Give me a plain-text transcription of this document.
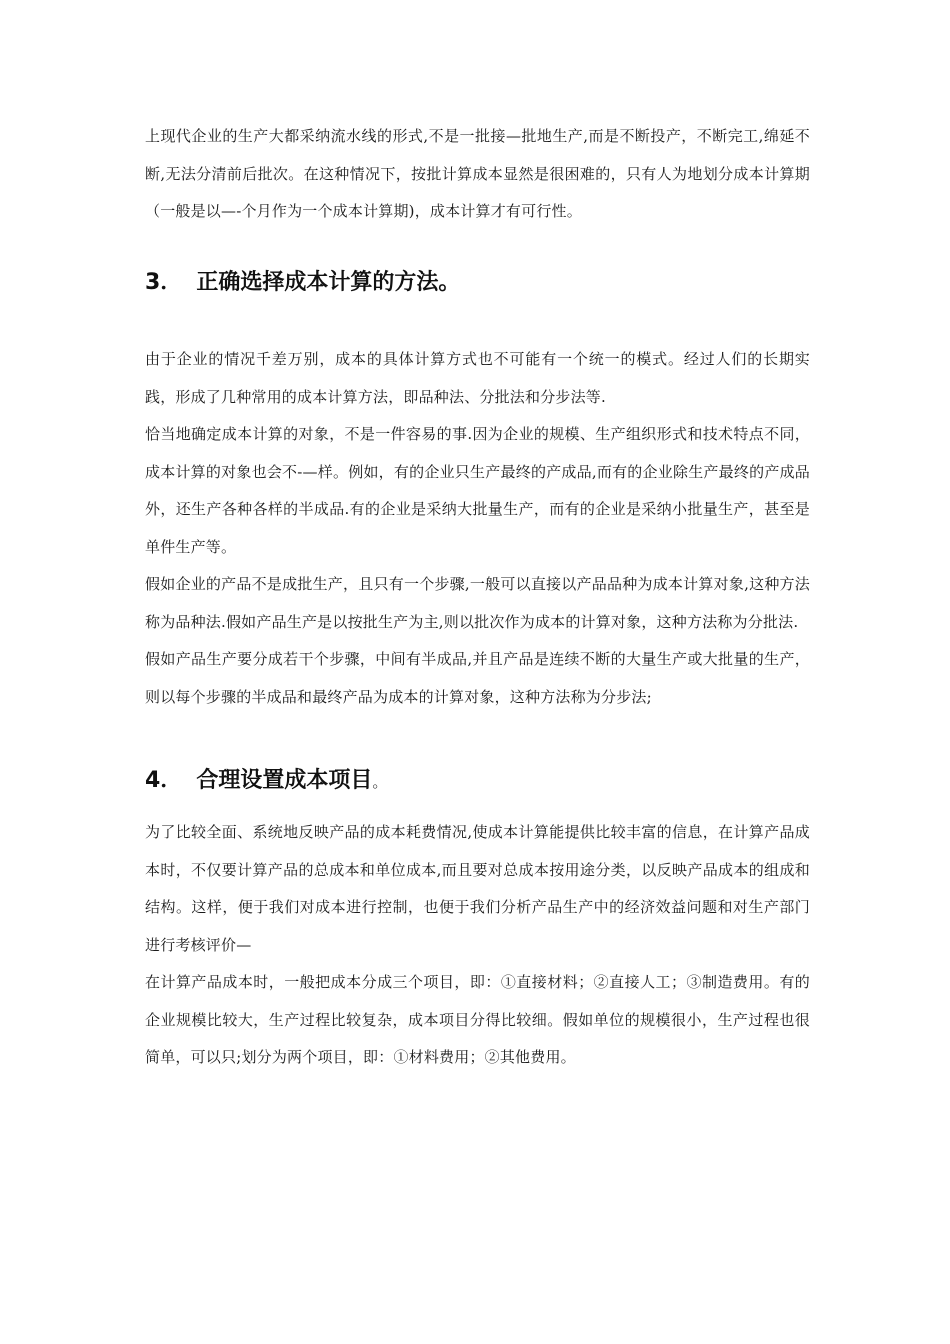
上现代企业的生产大都采纳流水线的形式,不是一批接—批地生产,而是不断投产，不断完工,绵延不断,无法分清前后批次。在这种情况下，按批计算成本显然是很困难的，只有人为地划分成本计算期（一般是以—-个月作为一个成本计算期)，成本计算才有可行性。

3． 正确选择成本计算的方法。

由于企业的情况千差万别，成本的具体计算方式也不可能有一个统一的模式。经过人们的长期实践，形成了几种常用的成本计算方法，即品种法、分批法和分步法等.

恰当地确定成本计算的对象，不是一件容易的事.因为企业的规模、生产组织形式和技术特点不同，成本计算的对象也会不-—样。例如，有的企业只生产最终的产成品,而有的企业除生产最终的产成品外，还生产各种各样的半成品.有的企业是采纳大批量生产，而有的企业是采纳小批量生产，甚至是单件生产等。

假如企业的产品不是成批生产，且只有一个步骤,一般可以直接以产品品种为成本计算对象,这种方法称为品种法.假如产品生产是以按批生产为主,则以批次作为成本的计算对象，这种方法称为分批法.

假如产品生产要分成若干个步骤，中间有半成品,并且产品是连续不断的大量生产或大批量的生产，则以每个步骤的半成品和最终产品为成本的计算对象，这种方法称为分步法;

4． 合理设置成本项目。

为了比较全面、系统地反映产品的成本耗费情况,使成本计算能提供比较丰富的信息，在计算产品成本时，不仅要计算产品的总成本和单位成本,而且要对总成本按用途分类，以反映产品成本的组成和结构。这样，便于我们对成本进行控制，也便于我们分析产品生产中的经济效益问题和对生产部门进行考核评价—

在计算产品成本时，一般把成本分成三个项目，即：①直接材料；②直接人工；③制造费用。有的企业规模比较大，生产过程比较复杂，成本项目分得比较细。假如单位的规模很小，生产过程也很简单，可以只;划分为两个项目，即：①材料费用；②其他费用。
